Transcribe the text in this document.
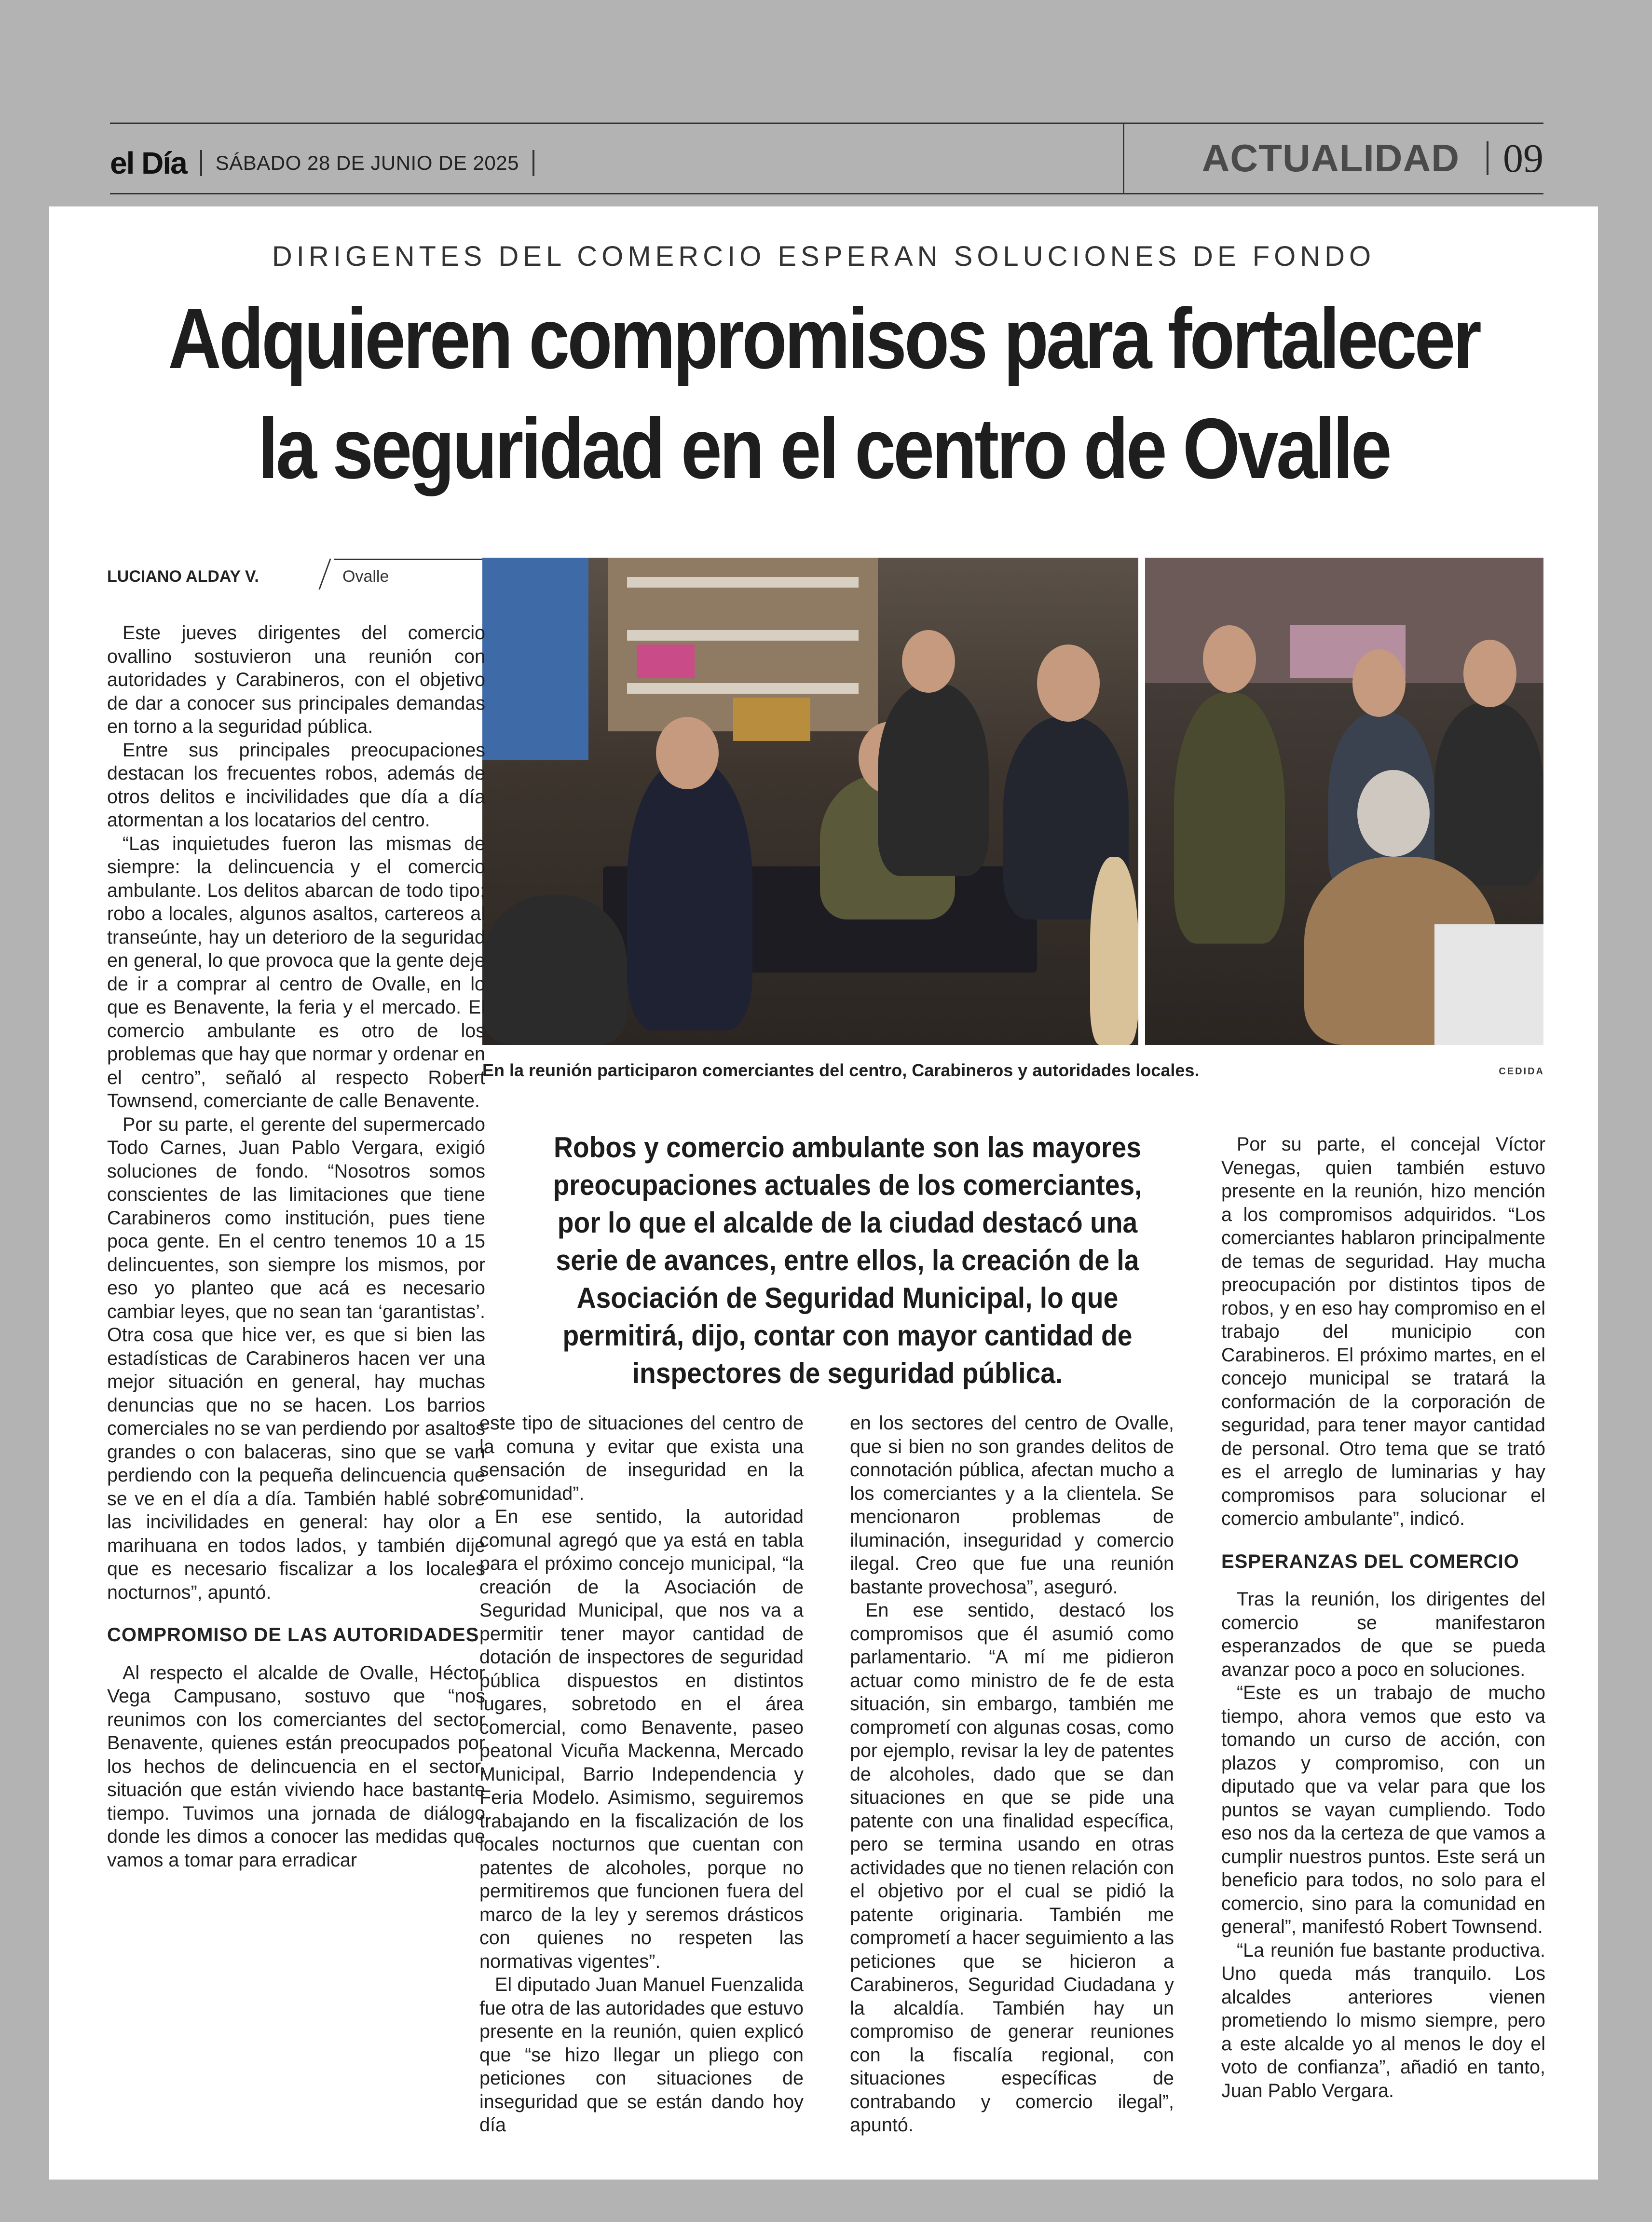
el Día SÁBADO 28 DE JUNIO DE 2025	ACTUALIDAD 09
DIRIGENTES DEL COMERCIO ESPERAN SOLUCIONES DE FONDO
Adquieren compromisos para fortalecer
la seguridad en el centro de Ovalle
LUCIANO ALDAY V.	Ovalle
En la reunión participaron comerciantes del centro, Carabineros y autoridades locales.	CEDIDA
Robos y comercio ambulante son las mayores preocupaciones actuales de los comerciantes, por lo que el alcalde de la ciudad destacó una serie de avances, entre ellos, la creación de la Asociación de Seguridad Municipal, lo que permitirá, dijo, contar con mayor cantidad de inspectores de seguridad pública.

Este jueves dirigentes del comercio ovallino sostuvieron una reunión con autoridades y Carabineros, con el objetivo de dar a conocer sus principales demandas en torno a la seguridad pública.

Entre sus principales preocupaciones destacan los frecuentes robos, además de otros delitos e incivilidades que día a día atormentan a los locatarios del centro.

“Las inquietudes fueron las mismas de siempre: la delincuencia y el comercio ambulante. Los delitos abarcan de todo tipo; robo a locales, algunos asaltos, cartereos al transeúnte, hay un deterioro de la seguridad en general, lo que provoca que la gente deje de ir a comprar al centro de Ovalle, en lo que es Benavente, la feria y el mercado. El comercio ambulante es otro de los problemas que hay que normar y ordenar en el centro”, señaló al respecto Robert Townsend, comerciante de calle Benavente.

Por su parte, el gerente del supermercado Todo Carnes, Juan Pablo Vergara, exigió soluciones de fondo. “Nosotros somos conscientes de las limitaciones que tiene Carabineros como institución, pues tiene poca gente. En el centro tenemos 10 a 15 delincuentes, son siempre los mismos, por eso yo planteo que acá es necesario cambiar leyes, que no sean tan ‘garantistas’. Otra cosa que hice ver, es que si bien las estadísticas de Carabineros hacen ver una mejor situación en general, hay muchas denuncias que no se hacen. Los barrios comerciales no se van perdiendo por asaltos grandes o con balaceras, sino que se van perdiendo con la pequeña delincuencia que se ve en el día a día. También hablé sobre las incivilidades en general: hay olor a marihuana en todos lados, y también dije que es necesario fiscalizar a los locales nocturnos”, apuntó.

COMPROMISO DE LAS AUTORIDADES

Al respecto el alcalde de Ovalle, Héctor Vega Campusano, sostuvo que “nos reunimos con los comerciantes del sector Benavente, quienes están preocupados por los hechos de delincuencia en el sector, situación que están viviendo hace bastante tiempo. Tuvimos una jornada de diálogo donde les dimos a conocer las medidas que vamos a tomar para erradicar

este tipo de situaciones del centro de la comuna y evitar que exista una sensación de inseguridad en la comunidad”.

En ese sentido, la autoridad comunal agregó que ya está en tabla para el próximo concejo municipal, “la creación de la Asociación de Seguridad Municipal, que nos va a permitir tener mayor cantidad de dotación de inspectores de seguridad pública dispuestos en distintos lugares, sobretodo en el área comercial, como Benavente, paseo peatonal Vicuña Mackenna, Mercado Municipal, Barrio Independencia y Feria Modelo. Asimismo, seguiremos trabajando en la fiscalización de los locales nocturnos que cuentan con patentes de alcoholes, porque no permitiremos que funcionen fuera del marco de la ley y seremos drásticos con quienes no respeten las normativas vigentes”.

El diputado Juan Manuel Fuenzalida fue otra de las autoridades que estuvo presente en la reunión, quien explicó que “se hizo llegar un pliego con peticiones con situaciones de inseguridad que se están dando hoy día

en los sectores del centro de Ovalle, que si bien no son grandes delitos de connotación pública, afectan mucho a los comerciantes y a la clientela. Se mencionaron problemas de iluminación, inseguridad y comercio ilegal. Creo que fue una reunión bastante provechosa”, aseguró.

En ese sentido, destacó los compromisos que él asumió como parlamentario. “A mí me pidieron actuar como ministro de fe de esta situación, sin embargo, también me comprometí con algunas cosas, como por ejemplo, revisar la ley de patentes de alcoholes, dado que se dan situaciones en que se pide una patente con una finalidad específica, pero se termina usando en otras actividades que no tienen relación con el objetivo por el cual se pidió la patente originaria. También me comprometí a hacer seguimiento a las peticiones que se hicieron a Carabineros, Seguridad Ciudadana y la alcaldía. También hay un compromiso de generar reuniones con la fiscalía regional, con situaciones específicas de contrabando y comercio ilegal”, apuntó.

Por su parte, el concejal Víctor Venegas, quien también estuvo presente en la reunión, hizo mención a los compromisos adquiridos. “Los comerciantes hablaron principalmente de temas de seguridad. Hay mucha preocupación por distintos tipos de robos, y en eso hay compromiso en el trabajo del municipio con Carabineros. El próximo martes, en el concejo municipal se tratará la conformación de la corporación de seguridad, para tener mayor cantidad de personal. Otro tema que se trató es el arreglo de luminarias y hay compromisos para solucionar el comercio ambulante”, indicó.

ESPERANZAS DEL COMERCIO

Tras la reunión, los dirigentes del comercio se manifestaron esperanzados de que se pueda avanzar poco a poco en soluciones.

“Este es un trabajo de mucho tiempo, ahora vemos que esto va tomando un curso de acción, con plazos y compromiso, con un diputado que va velar para que los puntos se vayan cumpliendo. Todo eso nos da la certeza de que vamos a cumplir nuestros puntos. Este será un beneficio para todos, no solo para el comercio, sino para la comunidad en general”, manifestó Robert Townsend.

“La reunión fue bastante productiva. Uno queda más tranquilo. Los alcaldes anteriores vienen prometiendo lo mismo siempre, pero a este alcalde yo al menos le doy el voto de confianza”, añadió en tanto, Juan Pablo Vergara.
